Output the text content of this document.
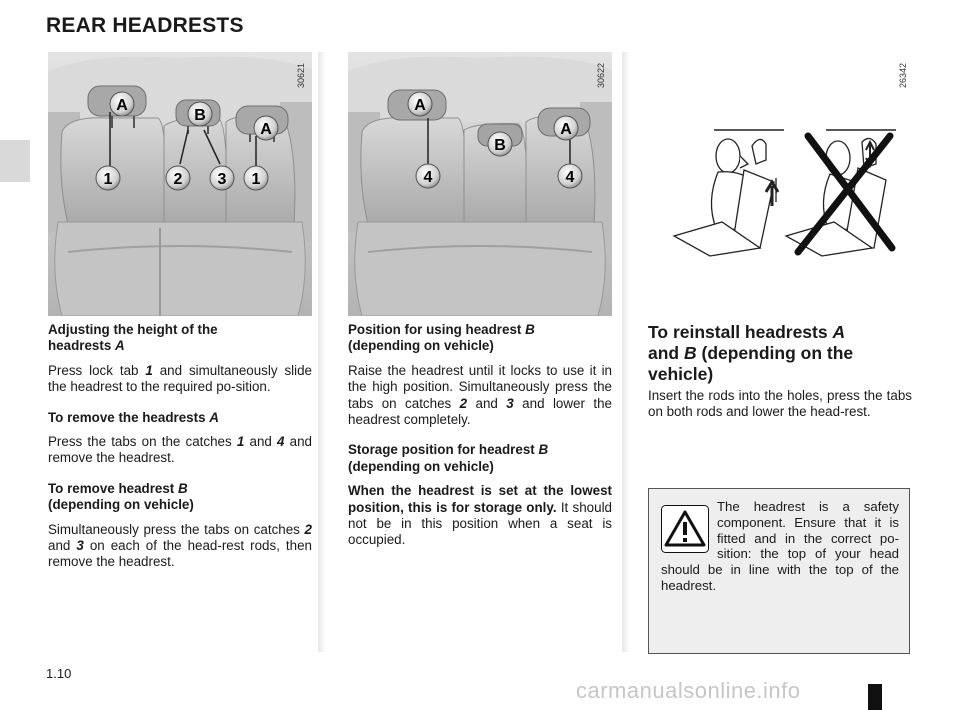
REAR HEADRESTS
A
B
A
1	2 3 1
30621
A
B
A
4	4
30622	26342

Adjusting the height of the
headrests A

Press lock tab 1 and simultaneously slide the headrest to the required po-sition.

To remove the headrests A

Press the tabs on the catches 1 and 4 and remove the headrest.

To remove headrest B
(depending on vehicle)

Simultaneously press the tabs on catches 2 and 3 on each of the head-rest rods, then remove the headrest.

Position for using headrest B
(depending on vehicle)

Raise the headrest until it locks to use it in the high position. Simultaneously press the tabs on catches 2 and 3 and lower the headrest completely.

Storage position for headrest B
(depending on vehicle)

When the headrest is set at the lowest position, this is for storage only. It should not be in this position when a seat is occupied.

To reinstall headrests A
and B (depending on the vehicle)
Insert the rods into the holes, press the tabs on both rods and lower the head-rest.

The headrest is a safety component. Ensure that it is fitted and in the correct po-sition: the top of your head should be in line with the top of the headrest.

1.10
carmanualsonline.info
